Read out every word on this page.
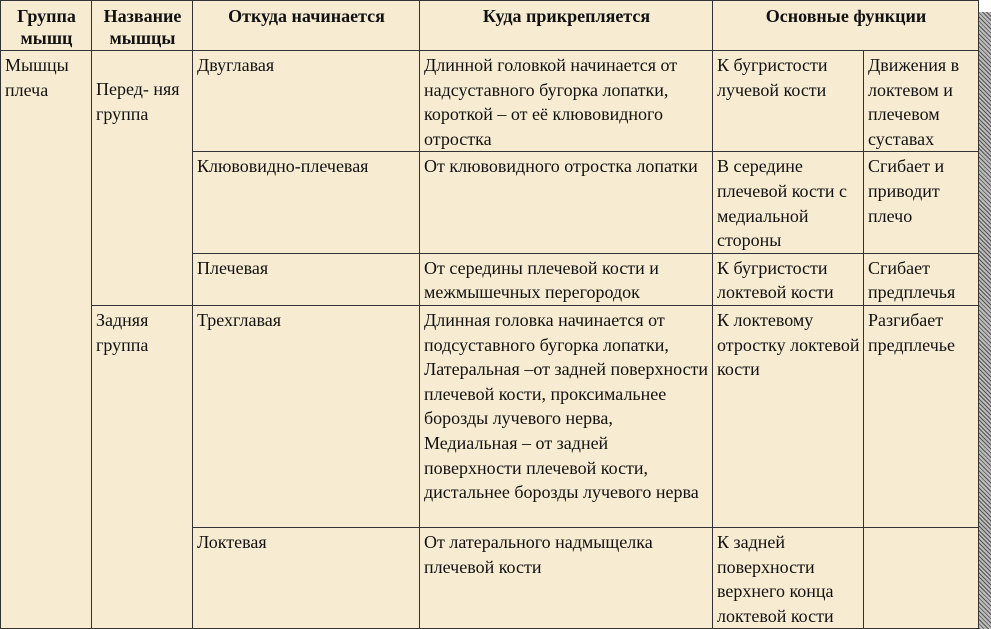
Группа мышц	Название мышцы	Откуда начинается	Куда прикрепляется	Основные функции	
Мышцы плеча	Перед- няя группа	Двуглавая	Длинной головкой начинается от надсуставного бугорка лопатки, короткой – от её клювовидного отростка	К бугристости лучевой кости	Движения в локтевом и плечевом суставах
		Клювовидно-плечевая	От клювовидного отростка лопатки	В середине плечевой кости с медиальной стороны	Сгибает и приводит плечо
		Плечевая	От середины плечевой кости и межмышечных перегородок	К бугристости локтевой кости	Сгибает предплечья
	Задняя группа	Трехглавая	Длинная головка начинается от подсуставного бугорка лопатки, Латеральная –от задней поверхности плечевой кости, проксимальнее борозды лучевого нерва, Медиальная – от задней поверхности плечевой кости, дистальнее борозды лучевого нерва	К локтевому отростку локтевой кости	Разгибает предплечье
		Локтевая	От латерального надмыщелка плечевой кости	К задней поверхности верхнего конца локтевой кости	
